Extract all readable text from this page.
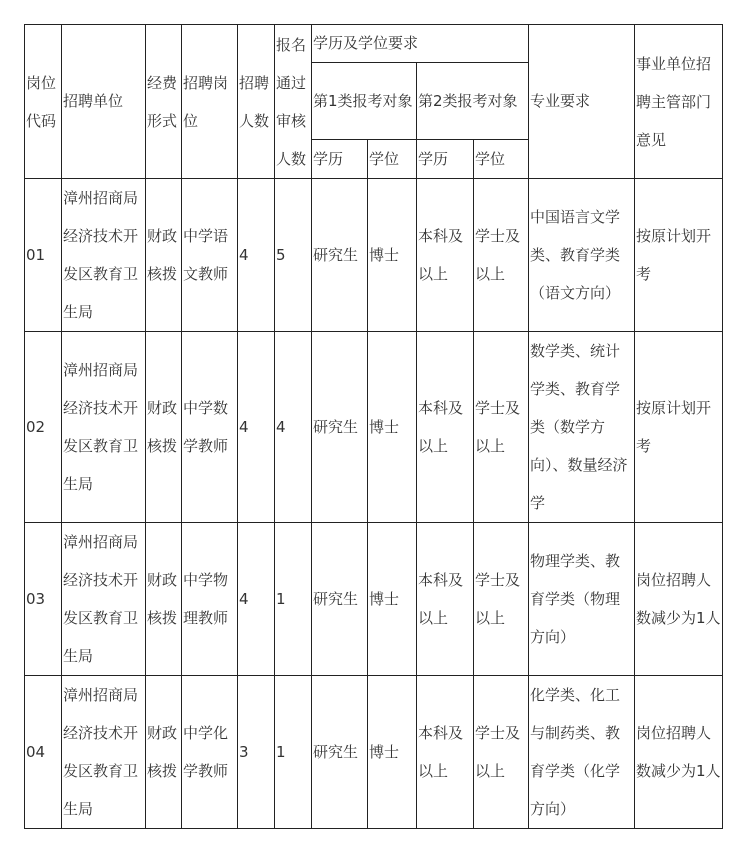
岗位代码	招聘单位	经费形式	招聘岗位	招聘人数	报名通过审核人数	学历及学位要求				专业要求	事业单位招聘主管部门意见
						第1类报考对象		第2类报考对象			
						学历	学位	学历	学位		
01	漳州招商局经济技术开发区教育卫生局	财政核拨	中学语文教师	4	5	研究生	博士	本科及以上	学士及以上	中国语言文学类、教育学类（语文方向）	按原计划开考
02	漳州招商局经济技术开发区教育卫生局	财政核拨	中学数学教师	4	4	研究生	博士	本科及以上	学士及以上	数学类、统计学类、教育学类（数学方向）、数量经济学	按原计划开考
03	漳州招商局经济技术开发区教育卫生局	财政核拨	中学物理教师	4	1	研究生	博士	本科及以上	学士及以上	物理学类、教育学类（物理方向）	岗位招聘人数减少为1人
04	漳州招商局经济技术开发区教育卫生局	财政核拨	中学化学教师	3	1	研究生	博士	本科及以上	学士及以上	化学类、化工与制药类、教育学类（化学方向）	岗位招聘人数减少为1人
